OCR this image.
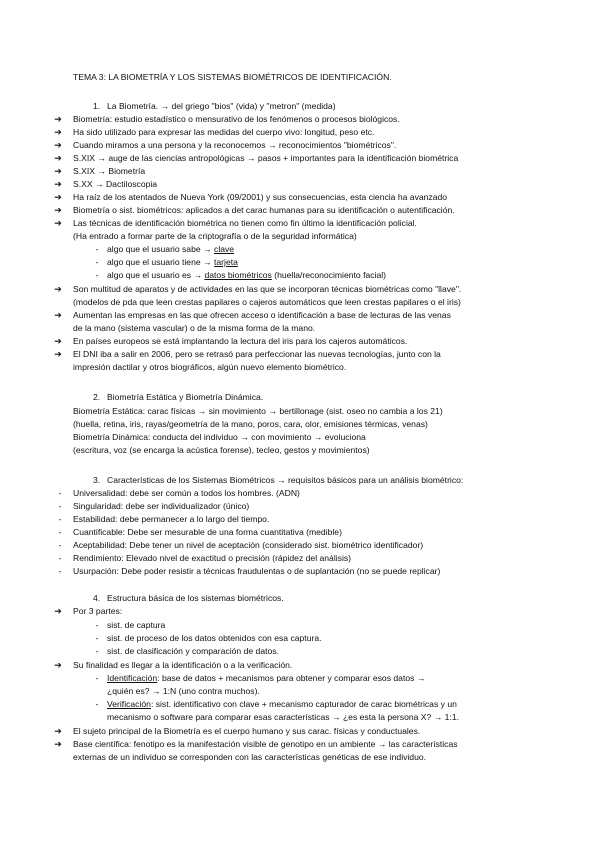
TEMA 3: LA BIOMETRÍA Y LOS SISTEMAS BIOMÉTRICOS DE IDENTIFICACIÓN.
1. La Biometría. → del griego "bios" (vida) y "metron" (medida)
➔ Biometría: estudio estadístico o mensurativo de los fenómenos o procesos biológicos.
➔ Ha sido utilizado para expresar las medidas del cuerpo vivo: longitud, peso etc.
➔ Cuando miramos a una persona y la reconocemos → reconocimientos "biométricos".
➔ S.XIX → auge de las ciencias antropológicas → pasos + importantes para la identificación biométrica
➔ S.XIX → Biometría
➔ S.XX → Dactiloscopia
➔ Ha raíz de los atentados de Nueva York (09/2001) y sus consecuencias, esta ciencia ha avanzado
➔ Biometría o sist. biométricos: aplicados a det carac humanas para su identificación o autentificación.
➔ Las técnicas de identificación biométrica no tienen como fin último la identificación policial.
(Ha entrado a formar parte de la criptografía o de la seguridad informática)
- algo que el usuario sabe → clave
- algo que el usuario tiene → tarjeta
- algo que el usuario es → datos biométricos (huella/reconocimiento facial)
➔ Son multitud de aparatos y de actividades en las que se incorporan técnicas biométricas como "llave".
(modelos de pda que leen crestas papilares o cajeros automáticos que leen crestas papilares o el iris)
➔ Aumentan las empresas en las que ofrecen acceso o identificación a base de lecturas de las venas
de la mano (sistema vascular) o de la misma forma de la mano.
➔ En países europeos se está implantando la lectura del iris para los cajeros automáticos.
➔ El DNI iba a salir en 2006, pero se retrasó para perfeccionar las nuevas tecnologías, junto con la
impresión dactilar y otros biográficos, algún nuevo elemento biométrico.
2. Biometría Estática y Biometría Dinámica.
Biometría Estática: carac físicas → sin movimiento → bertillonage (sist. oseo no cambia a los 21)
(huella, retina, iris, rayas/geometría de la mano, poros, cara, olor, emisiones térmicas, venas)
Biometría Dinámica: conducta del individuo → con movimiento → evoluciona
(escritura, voz (se encarga la acústica forense), tecleo, gestos y movimientos)
3. Características de los Sistemas Biométricos → requisitos básicos para un análisis biométrico:
-	Universalidad: debe ser común a todos los hombres. (ADN)
-	Singularidad: debe ser individualizador (único)
-	Estabilidad: debe permanecer a lo largo del tiempo.
-	Cuantificable: Debe ser mesurable de una forma cuantitativa (medible)
-	Aceptabilidad: Debe tener un nivel de aceptación (considerado sist. biométrico identificador)
-	Rendimiento: Elevado nivel de exactitud o precisión (rápidez del análisis)
-	Usurpación: Debe poder resistir a técnicas fraudulentas o de suplantación (no se puede replicar)
4. Estructura básica de los sistemas biométricos.
➔ Por 3 partes:
- sist. de captura
- sist. de proceso de los datos obtenidos con esa captura.
- sist. de clasificación y comparación de datos.
➔ Su finalidad es llegar a la identificación o a la verificación.
- Identificación: base de datos + mecanismos para obtener y comparar esos datos →
¿quién es? → 1:N (uno contra muchos).
- Verificación: sist. identificativo con clave + mecanismo capturador de carac biométricas y un
mecanismo o software para comparar esas características → ¿es esta la persona X? → 1:1.
➔ El sujeto principal de la Biometría es el cuerpo humano y sus carac. físicas y conductuales.
➔ Base científica: fenotipo es la manifestación visible de genotipo en un ambiente → las características
externas de un individuo se corresponden con las características genéticas de ese individuo.
